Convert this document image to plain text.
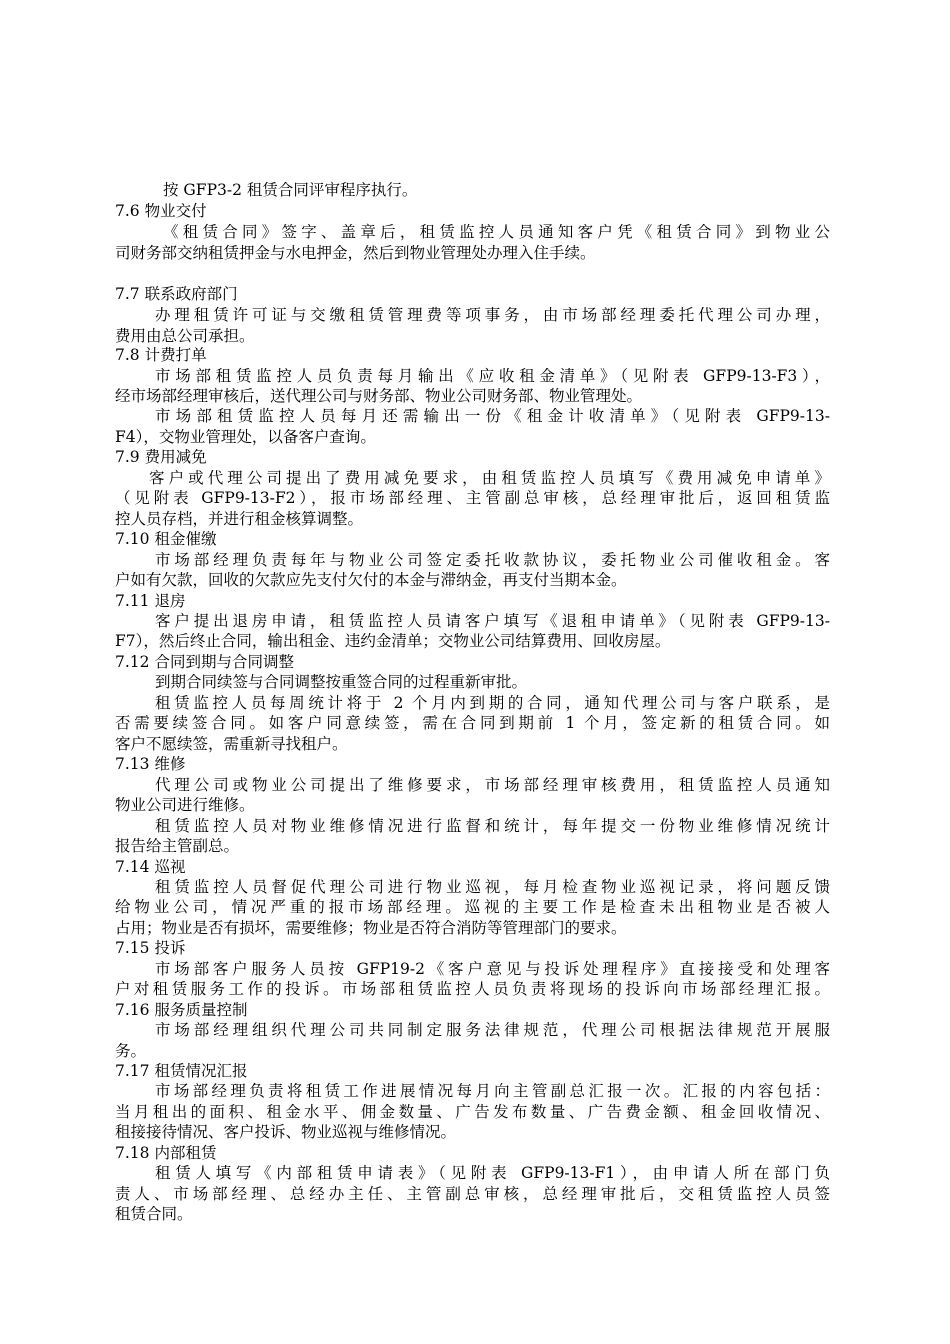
按 GFP3-2 租赁合同评审程序执行。
7.6 物业交付
《租赁合同》签字、盖章后，租赁监控人员通知客户凭《租赁合同》到物业公
司财务部交纳租赁押金与水电押金，然后到物业管理处办理入住手续。
7.7 联系政府部门
办理租赁许可证与交缴租赁管理费等项事务，由市场部经理委托代理公司办理，
费用由总公司承担。
7.8 计费打单
市场部租赁监控人员负责每月输出《应收租金清单》（见附表 GFP9-13-F3），
经市场部经理审核后，送代理公司与财务部、物业公司财务部、物业管理处。
市场部租赁监控人员每月还需输出一份《租金计收清单》（见附表 GFP9-13-
F4），交物业管理处，以备客户查询。
7.9 费用减免
客户或代理公司提出了费用减免要求，由租赁监控人员填写《费用减免申请单》
（见附表 GFP9-13-F2），报市场部经理、主管副总审核，总经理审批后，返回租赁监
控人员存档，并进行租金核算调整。
7.10 租金催缴
市场部经理负责每年与物业公司签定委托收款协议，委托物业公司催收租金。客
户如有欠款，回收的欠款应先支付欠付的本金与滞纳金，再支付当期本金。
7.11 退房
客户提出退房申请，租赁监控人员请客户填写《退租申请单》（见附表 GFP9-13-
F7），然后终止合同，输出租金、违约金清单；交物业公司结算费用、回收房屋。
7.12 合同到期与合同调整
到期合同续签与合同调整按重签合同的过程重新审批。
租赁监控人员每周统计将于 2 个月内到期的合同，通知代理公司与客户联系，是
否需要续签合同。如客户同意续签，需在合同到期前 1 个月，签定新的租赁合同。如
客户不愿续签，需重新寻找租户。
7.13 维修
代理公司或物业公司提出了维修要求，市场部经理审核费用，租赁监控人员通知
物业公司进行维修。
租赁监控人员对物业维修情况进行监督和统计，每年提交一份物业维修情况统计
报告给主管副总。
7.14 巡视
租赁监控人员督促代理公司进行物业巡视，每月检查物业巡视记录，将问题反馈
给物业公司，情况严重的报市场部经理。巡视的主要工作是检查未出租物业是否被人
占用；物业是否有损坏，需要维修；物业是否符合消防等管理部门的要求。
7.15 投诉
市场部客户服务人员按 GFP19-2《客户意见与投诉处理程序》直接接受和处理客
户对租赁服务工作的投诉。市场部租赁监控人员负责将现场的投诉向市场部经理汇报。
7.16 服务质量控制
市场部经理组织代理公司共同制定服务法律规范，代理公司根据法律规范开展服
务。
7.17 租赁情况汇报
市场部经理负责将租赁工作进展情况每月向主管副总汇报一次。汇报的内容包括：
当月租出的面积、租金水平、佣金数量、广告发布数量、广告费金额、租金回收情况、
租接接待情况、客户投诉、物业巡视与维修情况。
7.18 内部租赁
租赁人填写《内部租赁申请表》（见附表 GFP9-13-F1），由申请人所在部门负
责人、市场部经理、总经办主任、主管副总审核，总经理审批后，交租赁监控人员签
租赁合同。
